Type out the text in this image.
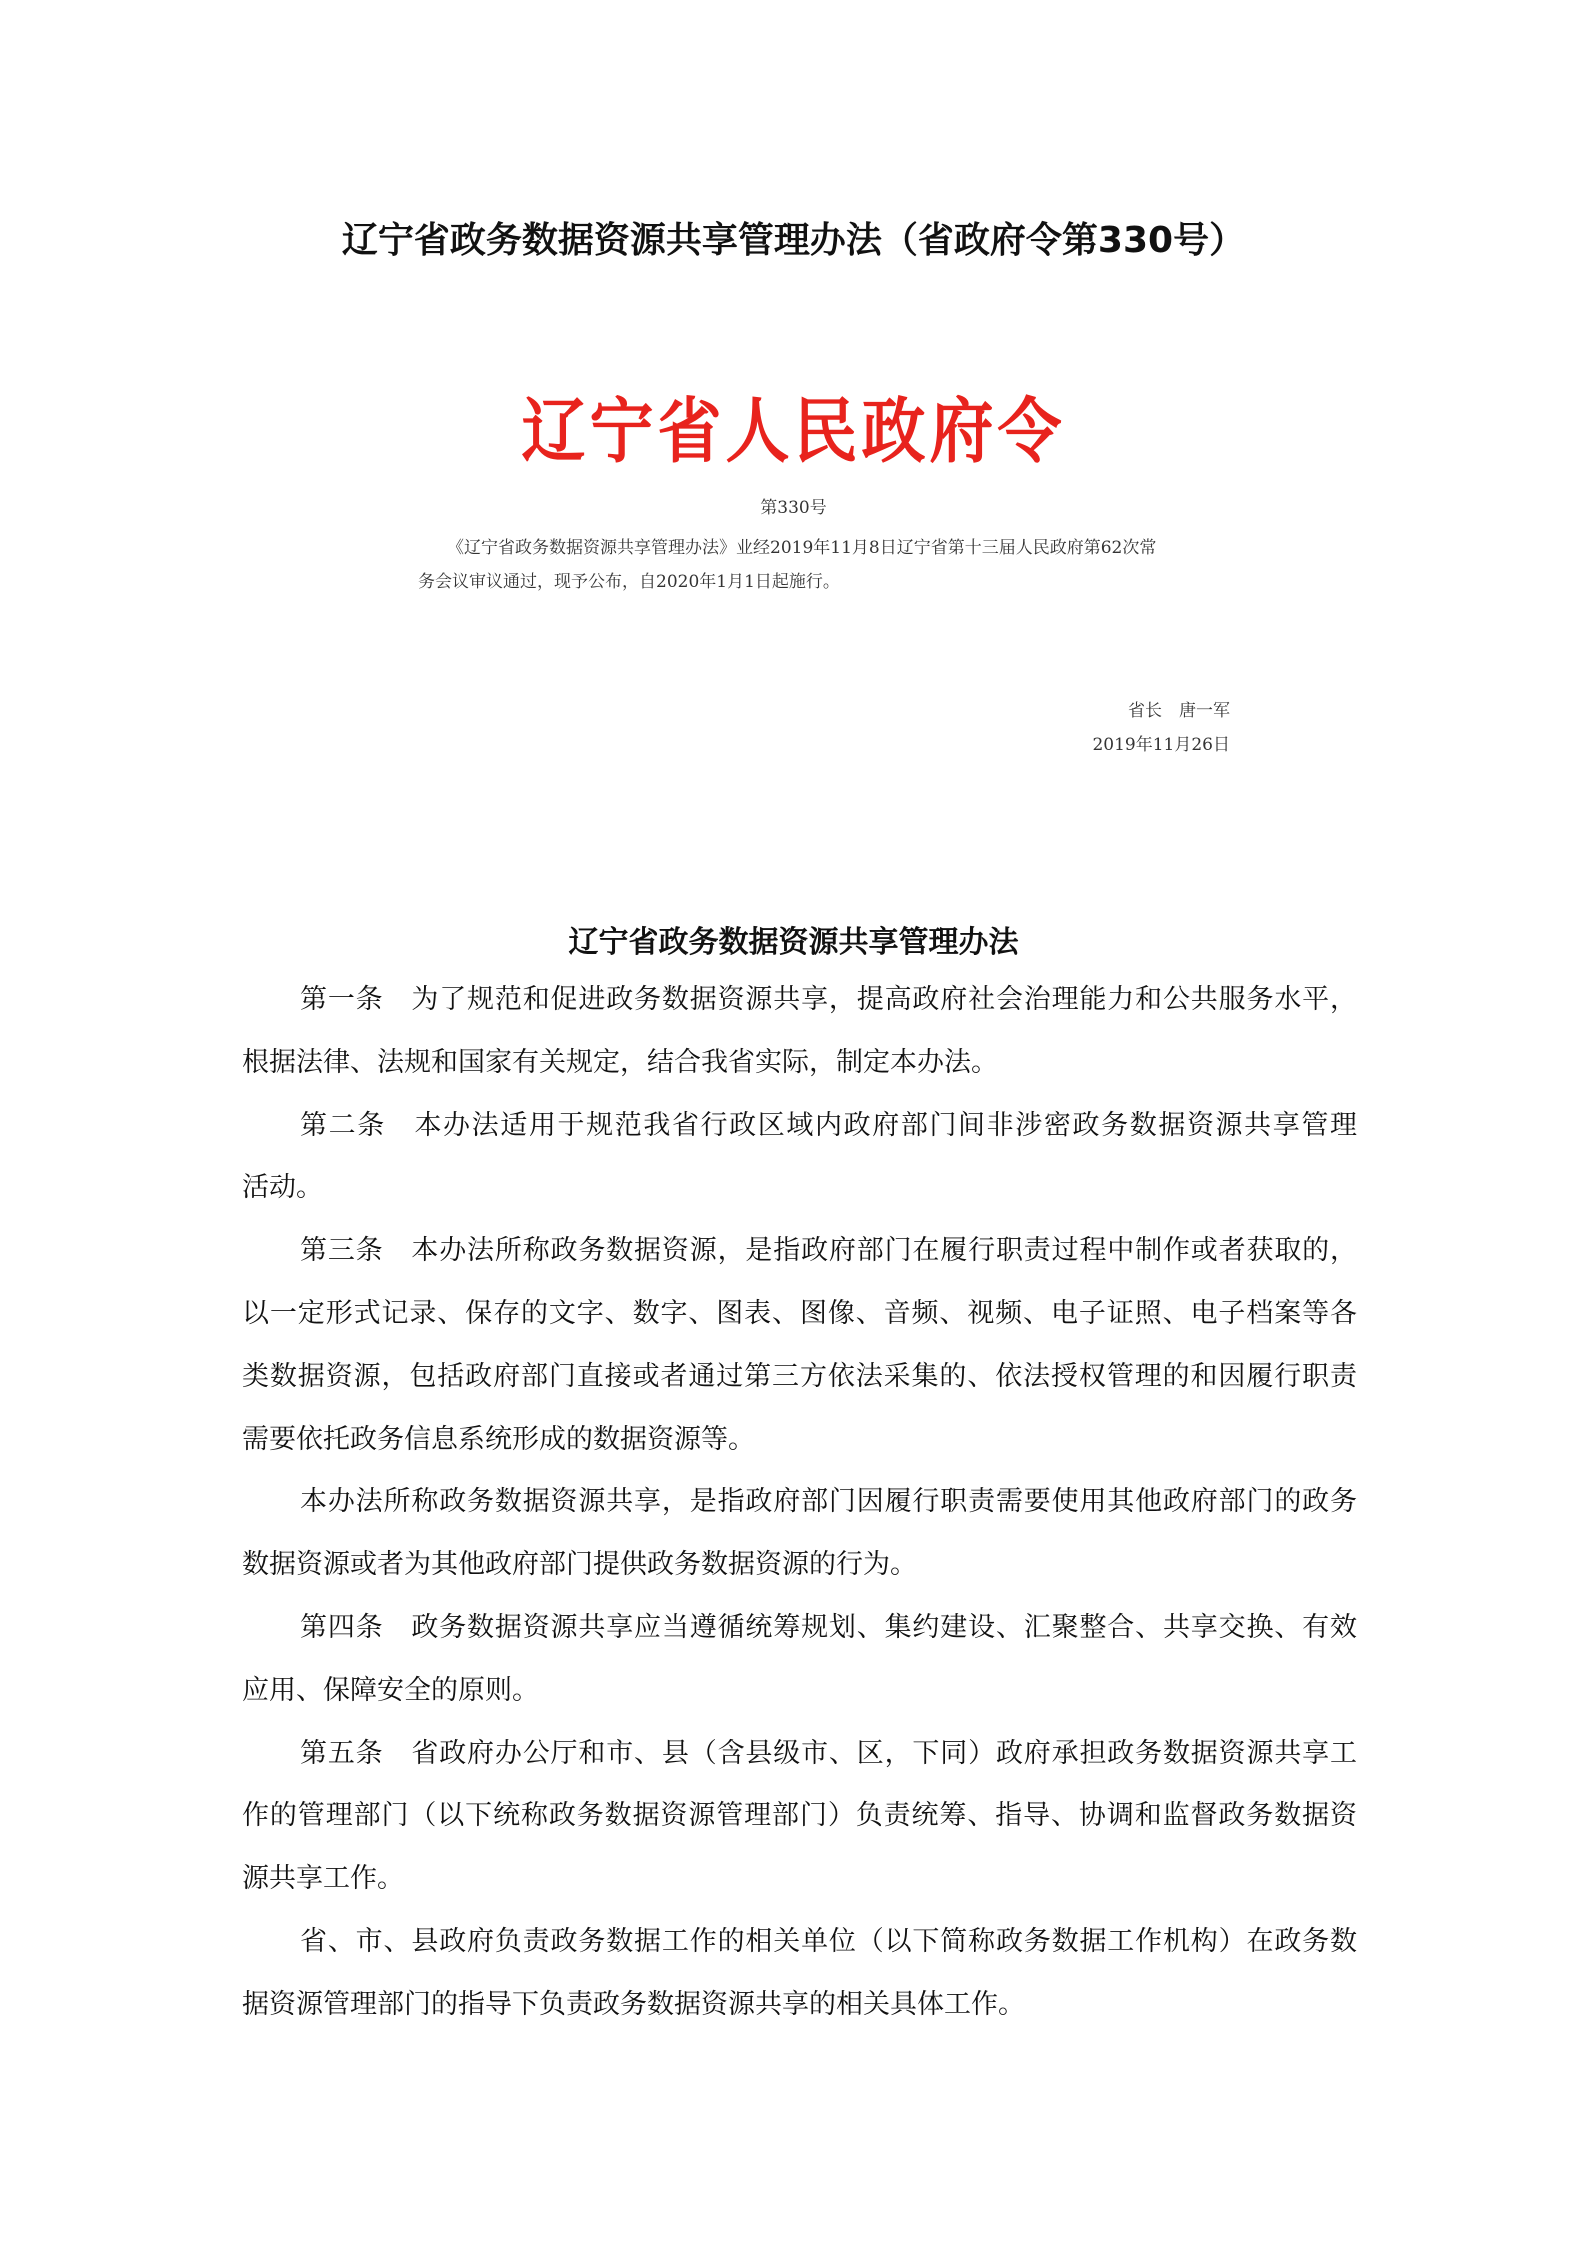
辽宁省政务数据资源共享管理办法（省政府令第330号）
辽宁省人民政府令
第330号
《辽宁省政务数据资源共享管理办法》业经2019年11月8日辽宁省第十三届人民政府第62次常
务会议审议通过，现予公布，自2020年1月1日起施行。
省长　唐一军
2019年11月26日
辽宁省政务数据资源共享管理办法
第一条　为了规范和促进政务数据资源共享，提高政府社会治理能力和公共服务水平，
根据法律、法规和国家有关规定，结合我省实际，制定本办法。
第二条　本办法适用于规范我省行政区域内政府部门间非涉密政务数据资源共享管理
活动。
第三条　本办法所称政务数据资源，是指政府部门在履行职责过程中制作或者获取的，
以一定形式记录、保存的文字、数字、图表、图像、音频、视频、电子证照、电子档案等各
类数据资源，包括政府部门直接或者通过第三方依法采集的、依法授权管理的和因履行职责
需要依托政务信息系统形成的数据资源等。
本办法所称政务数据资源共享，是指政府部门因履行职责需要使用其他政府部门的政务
数据资源或者为其他政府部门提供政务数据资源的行为。
第四条　政务数据资源共享应当遵循统筹规划、集约建设、汇聚整合、共享交换、有效
应用、保障安全的原则。
第五条　省政府办公厅和市、县（含县级市、区，下同）政府承担政务数据资源共享工
作的管理部门（以下统称政务数据资源管理部门）负责统筹、指导、协调和监督政务数据资
源共享工作。
省、市、县政府负责政务数据工作的相关单位（以下简称政务数据工作机构）在政务数
据资源管理部门的指导下负责政务数据资源共享的相关具体工作。
